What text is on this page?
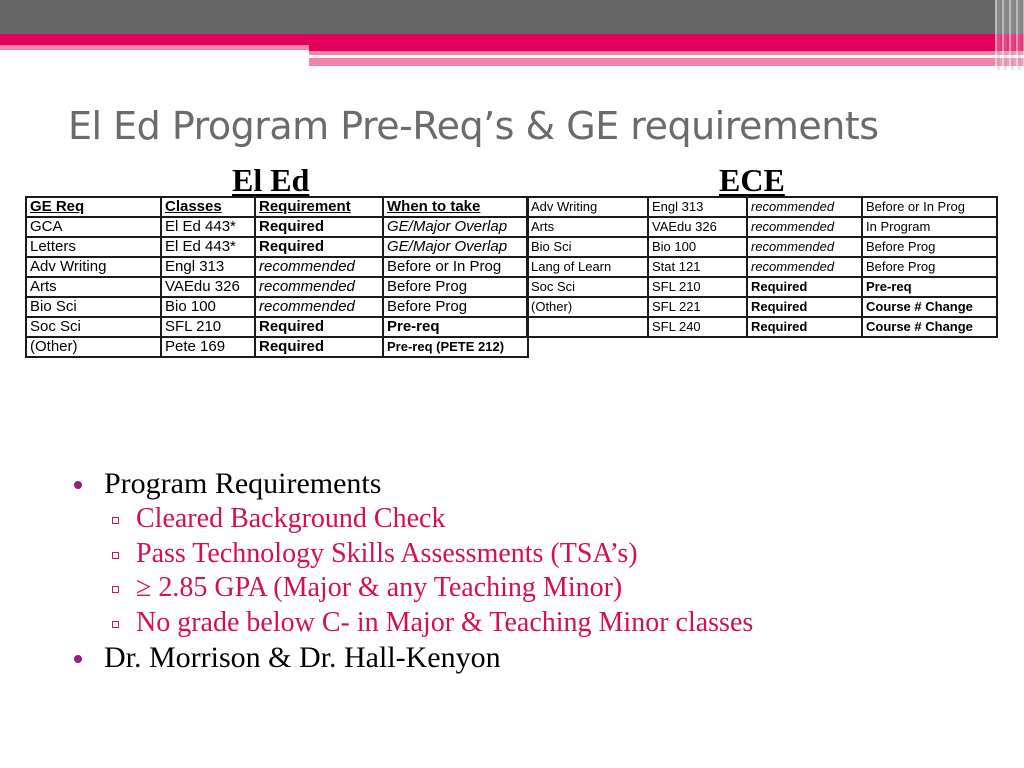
El Ed Program Pre-Req’s & GE requirements
El Ed	ECE
GE Req	Classes	Requirement	When to take
GCA	El Ed 443*	Required	GE/Major Overlap
Letters	El Ed 443*	Required	GE/Major Overlap
Adv Writing	Engl 313	recommended	Before or In Prog
Arts	VAEdu 326	recommended	Before Prog
Bio Sci	Bio 100	recommended	Before Prog
Soc Sci	SFL 210	Required	Pre-req
(Other)	Pete 169	Required	Pre-req (PETE 212)
Adv Writing	Engl 313	recommended	Before or In Prog
Arts	VAEdu 326	recommended	In Program
Bio Sci	Bio 100	recommended	Before Prog
Lang of Learn	Stat 121	recommended	Before Prog
Soc Sci	SFL 210	Required	Pre-req
(Other)	SFL 221	Required	Course # Change
	SFL 240	Required	Course # Change
Program Requirements
Cleared Background Check
Pass Technology Skills Assessments (TSA’s)
≥ 2.85 GPA (Major & any Teaching Minor)
No grade below C- in Major & Teaching Minor classes
Dr. Morrison & Dr. Hall-Kenyon
